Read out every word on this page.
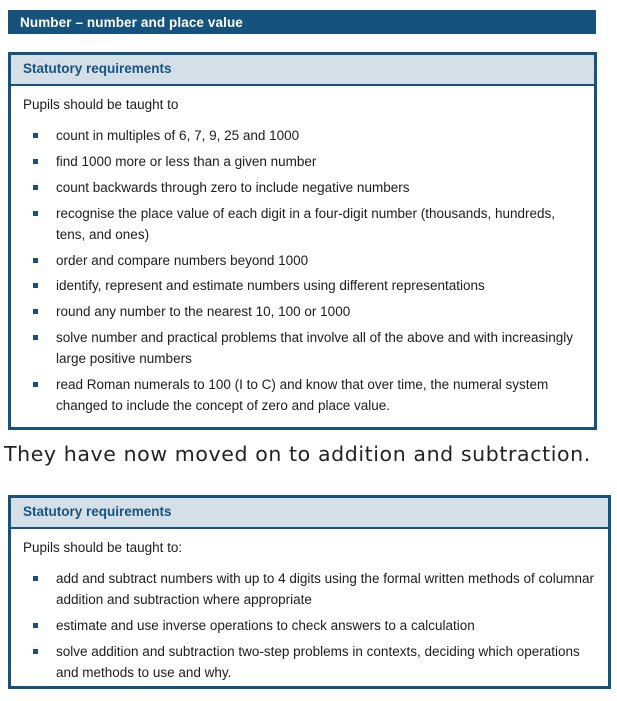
Number – number and place value
Statutory requirements

Pupils should be taught to

count in multiples of 6, 7, 9, 25 and 1000
find 1000 more or less than a given number
count backwards through zero to include negative numbers
recognise the place value of each digit in a four-digit number (thousands, hundreds, tens, and ones)
order and compare numbers beyond 1000
identify, represent and estimate numbers using different representations
round any number to the nearest 10, 100 or 1000
solve number and practical problems that involve all of the above and with increasingly large positive numbers
read Roman numerals to 100 (I to C) and know that over time, the numeral system changed to include the concept of zero and place value.

They have now moved on to addition and subtraction.

Statutory requirements

Pupils should be taught to:

add and subtract numbers with up to 4 digits using the formal written methods of columnar addition and subtraction where appropriate
estimate and use inverse operations to check answers to a calculation
solve addition and subtraction two-step problems in contexts, deciding which operations and methods to use and why.
